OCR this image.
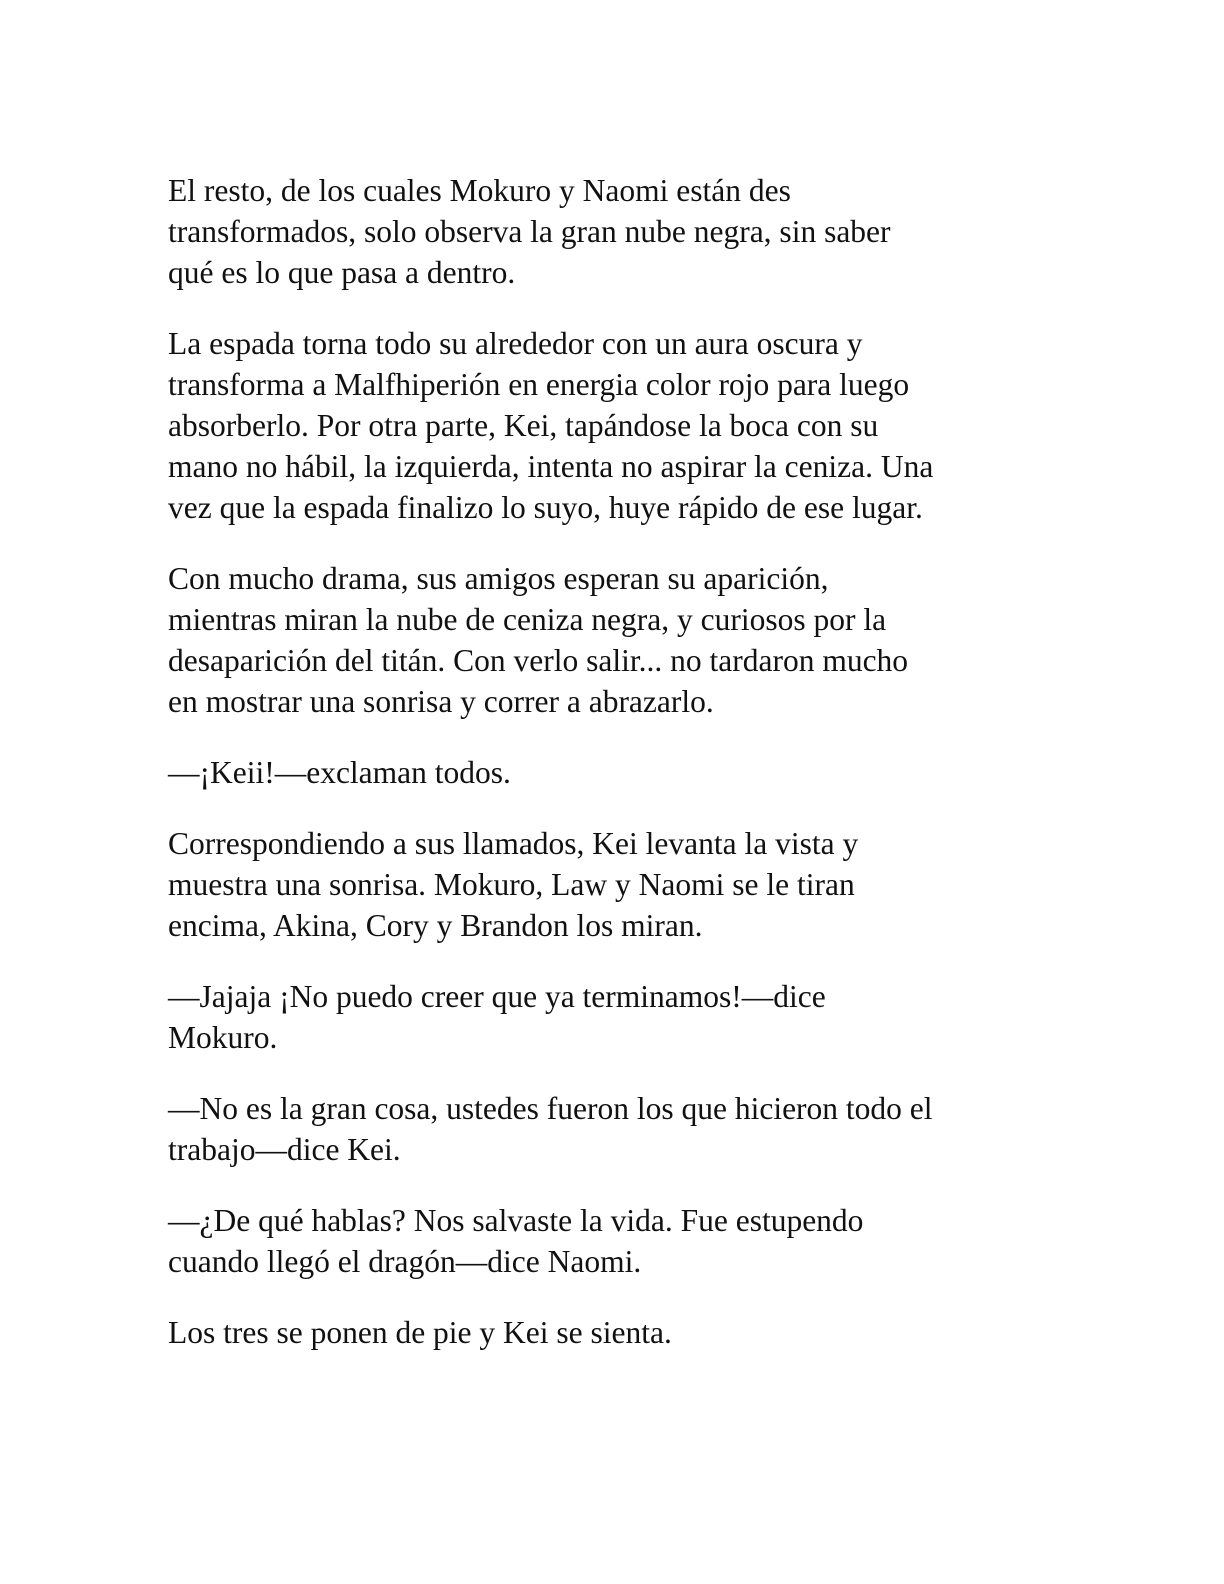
El resto, de los cuales Mokuro y Naomi están des
transformados, solo observa la gran nube negra, sin saber
qué es lo que pasa a dentro.

La espada torna todo su alrededor con un aura oscura y
transforma a Malfhiperión en energia color rojo para luego
absorberlo. Por otra parte, Kei, tapándose la boca con su
mano no hábil, la izquierda, intenta no aspirar la ceniza. Una
vez que la espada finalizo lo suyo, huye rápido de ese lugar.

Con mucho drama, sus amigos esperan su aparición,
mientras miran la nube de ceniza negra, y curiosos por la
desaparición del titán. Con verlo salir... no tardaron mucho
en mostrar una sonrisa y correr a abrazarlo.

—¡Keii!—exclaman todos.

Correspondiendo a sus llamados, Kei levanta la vista y
muestra una sonrisa. Mokuro, Law y Naomi se le tiran
encima, Akina, Cory y Brandon los miran.

—Jajaja ¡No puedo creer que ya terminamos!—dice
Mokuro.

—No es la gran cosa, ustedes fueron los que hicieron todo el
trabajo—dice Kei.

—¿De qué hablas? Nos salvaste la vida. Fue estupendo
cuando llegó el dragón—dice Naomi.

Los tres se ponen de pie y Kei se sienta.
